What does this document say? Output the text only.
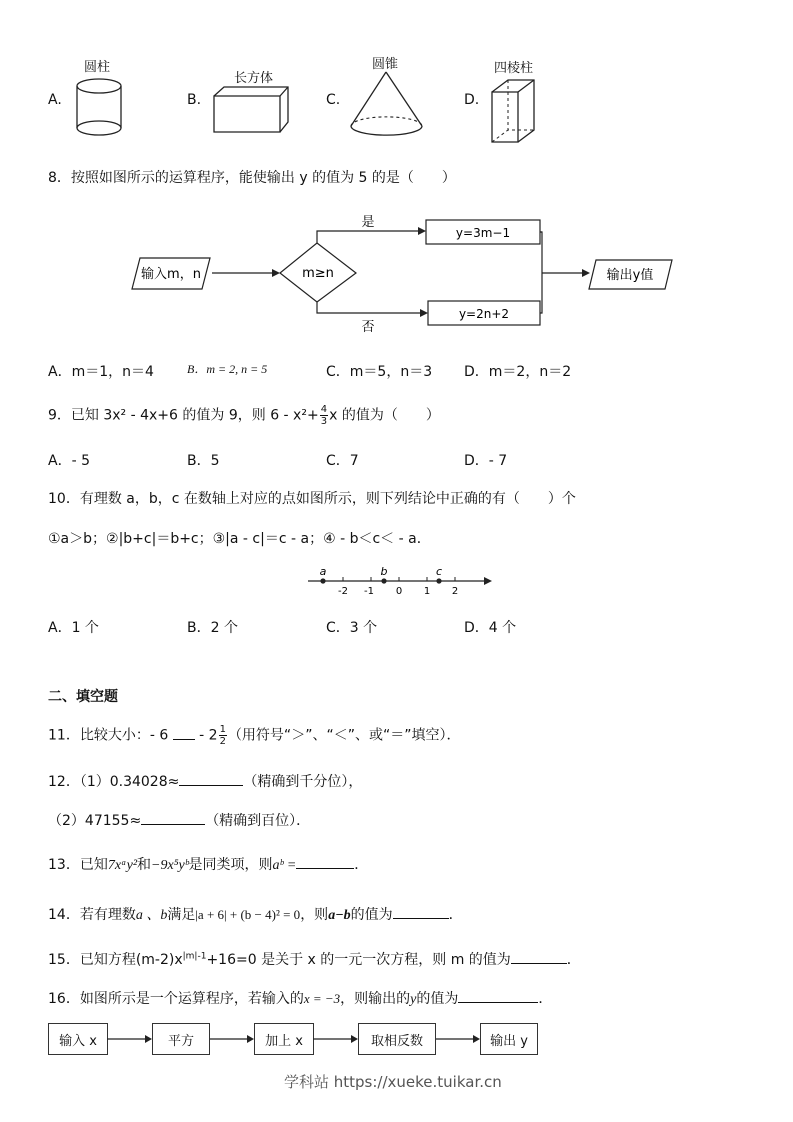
A.
圆柱
B.
长方体
C.
圆锥
D.
四棱柱
8．按照如图所示的运算程序，能使输出 y 的值为 5 的是（　　）
输入m，n	m≥n
是
y=3m−1
否
y=2n+2
输出y值
A．m＝1，n＝4	B．m = 2, n = 5	C．m＝5，n＝3 D．m＝2，n＝2
9．已知 3x² - 4x+6 的值为 9，则 $6 - x^2+ \frac{4}{3}$ x 的值为（　　）
A．- 5	B．5	C．7	D．- 7
10．有理数 a，b，c 在数轴上对应的点如图所示，则下列结论中正确的有（　　）个
①a＞b；②|b+c|＝b+c；③|a - c|＝c - a；④ - b＜c＜ - a．
-2 -1 0 1 2
a	b	c
A．1 个	B．2 个	C．3 个	D．4 个
二、填空题
11．比较大小：- $6 - 2 \frac{1}{2}$ （用符号“＞”、“＜”、或“＝”填空）．
12．（1）0.34028≈	（精确到千分位），
（2）47155≈	（精确到百位）．
13．已知7xᵃy²和−9x⁵yᵇ是同类项，则aᵇ =	．
14．若有理数a 、b满足|a + 6| + (b − 4)² = 0，则a−b的值为	．
15．已知方程$(m-2)x^{|m|-1}+16=0$ 是关于 x 的一元一次方程，则 m 的值为	．
16．如图所示是一个运算程序，若输入的x = −3，则输出的y的值为	．
输入 x	平方	加上 x	取相反数	输出 y
学科站 https://xueke.tuikar.cn
